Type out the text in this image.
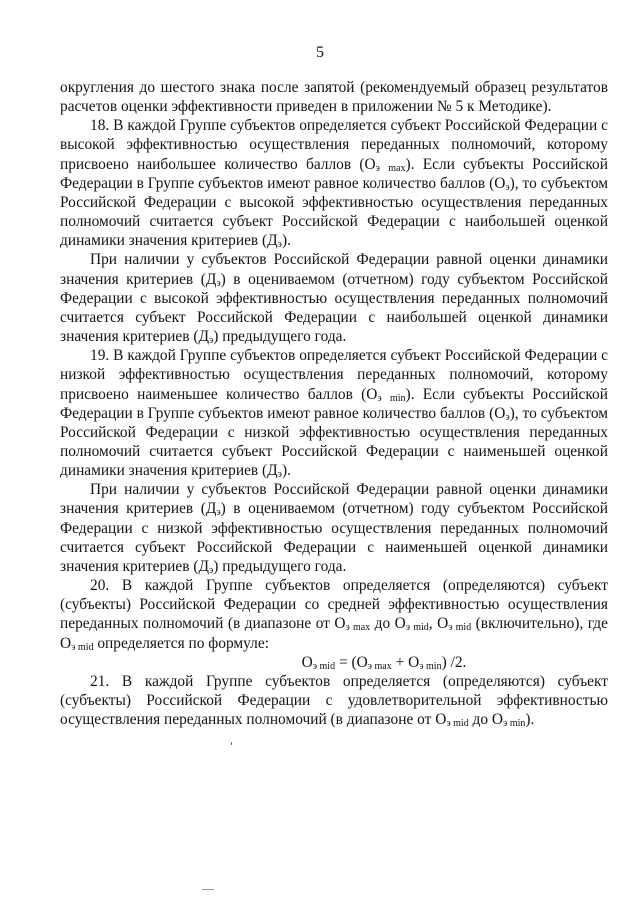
5

округления до шестого знака после запятой (рекомендуемый образец результатов расчетов оценки эффективности приведен в приложении № 5 к Методике).

18. В каждой Группе субъектов определяется субъект Российской Федерации с высокой эффективностью осуществления переданных полномочий, которому присвоено наибольшее количество баллов ($О_э$ $_{max}$). Если субъекты Российской Федерации в Группе субъектов имеют равное количество баллов $(О_э)$, то субъектом Российской Федерации с высокой эффективностью осуществления переданных полномочий считается субъект Российской Федерации с наибольшей оценкой динамики значения критериев $(Д_э)$.

При наличии у субъектов Российской Федерации равной оценки динамики значения критериев $(Д_э)$ в оцениваемом (отчетном) году субъектом Российской Федерации с высокой эффективностью осуществления переданных полномочий считается субъект Российской Федерации с наибольшей оценкой динамики значения критериев $(Д_э)$ предыдущего года.

19. В каждой Группе субъектов определяется субъект Российской Федерации с низкой эффективностью осуществления переданных полномочий, которому присвоено наименьшее количество баллов ($О_э$ $_{min}$). Если субъекты Российской Федерации в Группе субъектов имеют равное количество баллов $(О_э)$, то субъектом Российской Федерации с низкой эффективностью осуществления переданных полномочий считается субъект Российской Федерации с наименьшей оценкой динамики значения критериев $(Д_э)$.

При наличии у субъектов Российской Федерации равной оценки динамики значения критериев $(Д_э)$ в оцениваемом (отчетном) году субъектом Российской Федерации с низкой эффективностью осуществления переданных полномочий считается субъект Российской Федерации с наименьшей оценкой динамики значения критериев $(Д_э)$ предыдущего года.

20. В каждой Группе субъектов определяется (определяются) субъект (субъекты) Российской Федерации со средней эффективностью осуществления переданных полномочий (в диапазоне от $О_{э max}$ до $О_{э mid}$, $О_{э mid}$ (включительно), где $О_{э mid}$ определяется по формуле:

$О_{э mid} = (О_{э max} + О_{э min})$ /2.

21. В каждой Группе субъектов определяется (определяются) субъект (субъекты) Российской Федерации с удовлетворительной эффективностью осуществления переданных полномочий (в диапазоне от $О_{э mid}$ до $О_{э min}$).
